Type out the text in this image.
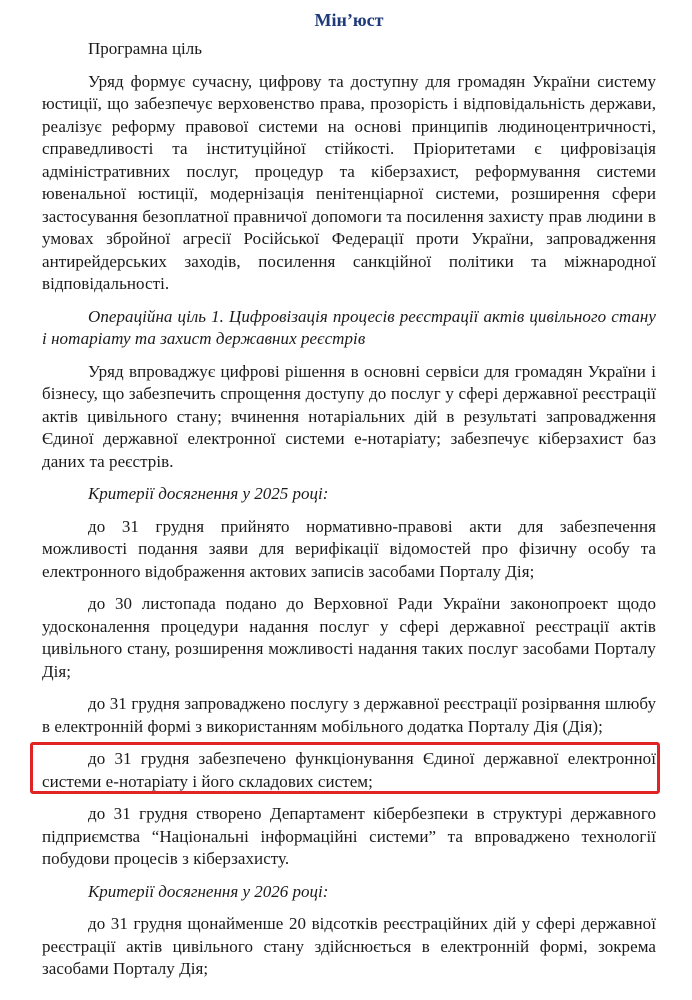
Мін’юст
Програмна ціль
Уряд формує сучасну, цифрову та доступну для громадян України систему юстиції, що забезпечує верховенство права, прозорість і відповідальність держави, реалізує реформу правової системи на основі принципів людиноцентричності, справедливості та інституційної стійкості. Пріоритетами є цифровізація адміністративних послуг, процедур та кіберзахист, реформування системи ювенальної юстиції, модернізація пенітенціарної системи, розширення сфери застосування безоплатної правничої допомоги та посилення захисту прав людини в умовах збройної агресії Російської Федерації проти України, запровадження антирейдерських заходів, посилення санкційної політики та міжнародної відповідальності.
Операційна ціль 1. Цифровізація процесів реєстрації актів цивільного стану і нотаріату та захист державних реєстрів
Уряд впроваджує цифрові рішення в основні сервіси для громадян України і бізнесу, що забезпечить спрощення доступу до послуг у сфері державної реєстрації актів цивільного стану; вчинення нотаріальних дій в результаті запровадження Єдиної державної електронної системи е-нотаріату; забезпечує кіберзахист баз даних та реєстрів.
Критерії досягнення у 2025 році:
до 31 грудня прийнято нормативно-правові акти для забезпечення можливості подання заяви для верифікації відомостей про фізичну особу та електронного відображення актових записів засобами Порталу Дія;
до 30 листопада подано до Верховної Ради України законопроект щодо удосконалення процедури надання послуг у сфері державної реєстрації актів цивільного стану, розширення можливості надання таких послуг засобами Порталу Дія;
до 31 грудня запроваджено послугу з державної реєстрації розірвання шлюбу в електронній формі з використанням мобільного додатка Порталу Дія (Дія);
до 31 грудня забезпечено функціонування Єдиної державної електронної системи е-нотаріату і його складових систем;
до 31 грудня створено Департамент кібербезпеки в структурі державного підприємства “Національні інформаційні системи” та впроваджено технології побудови процесів з кіберзахисту.
Критерії досягнення у 2026 році:
до 31 грудня щонайменше 20 відсотків реєстраційних дій у сфері державної реєстрації актів цивільного стану здійснюється в електронній формі, зокрема засобами Порталу Дія;
